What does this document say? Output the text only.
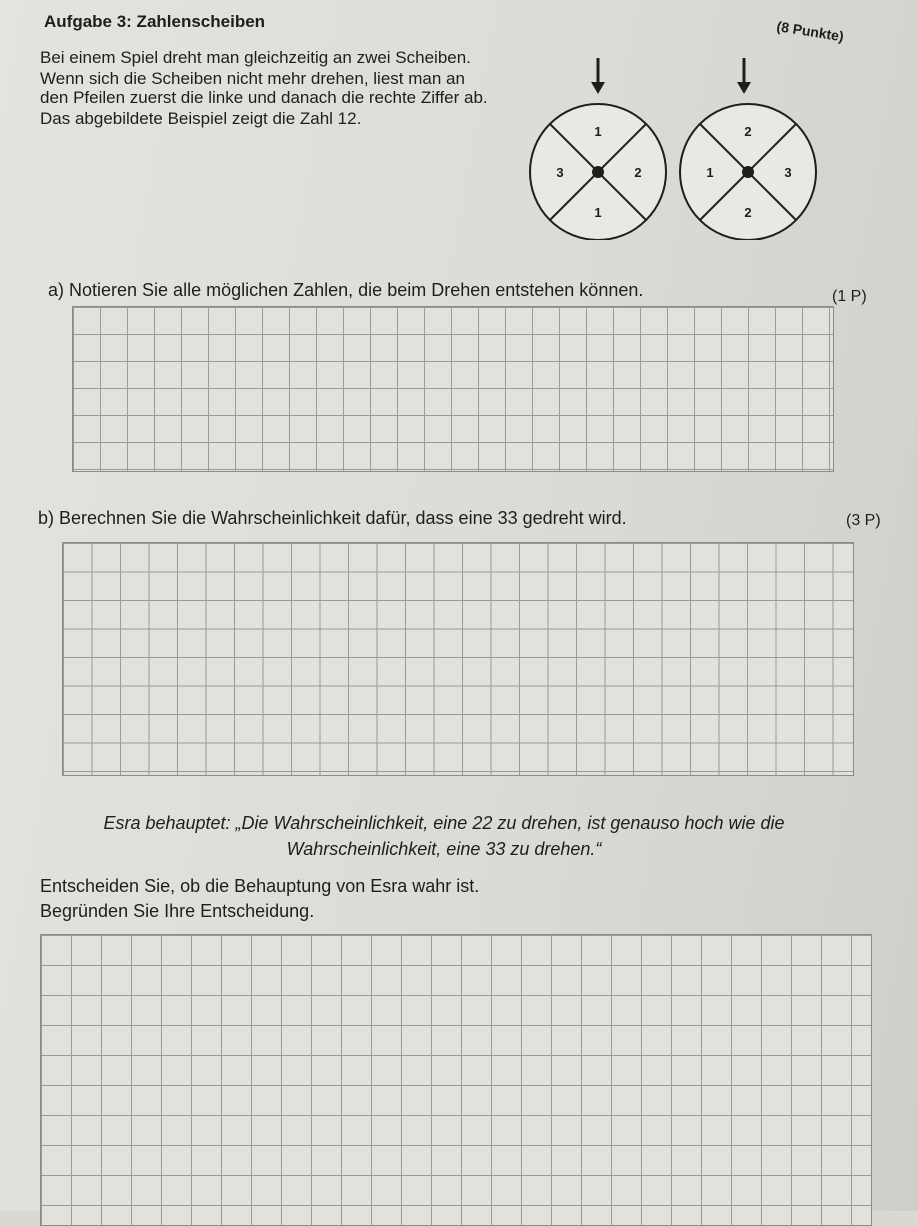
Aufgabe 3: Zahlenscheiben	(8 Punkte)

Bei einem Spiel dreht man gleichzeitig an zwei Scheiben.

Wenn sich die Scheiben nicht mehr drehen, liest man an den Pfeilen zuerst die linke und danach die rechte Ziffer ab.

Das abgebildete Beispiel zeigt die Zahl 12.

1
3	2
1
2
1	3
2
a) Notieren Sie alle möglichen Zahlen, die beim Drehen entstehen können.	(1 P)
b) Berechnen Sie die Wahrscheinlichkeit dafür, dass eine 33 gedreht wird.	(3 P)
Esra behauptet: „Die Wahrscheinlichkeit, eine 22 zu drehen, ist genauso hoch wie die Wahrscheinlichkeit, eine 33 zu drehen.“
Entscheiden Sie, ob die Behauptung von Esra wahr ist.
Begründen Sie Ihre Entscheidung.
